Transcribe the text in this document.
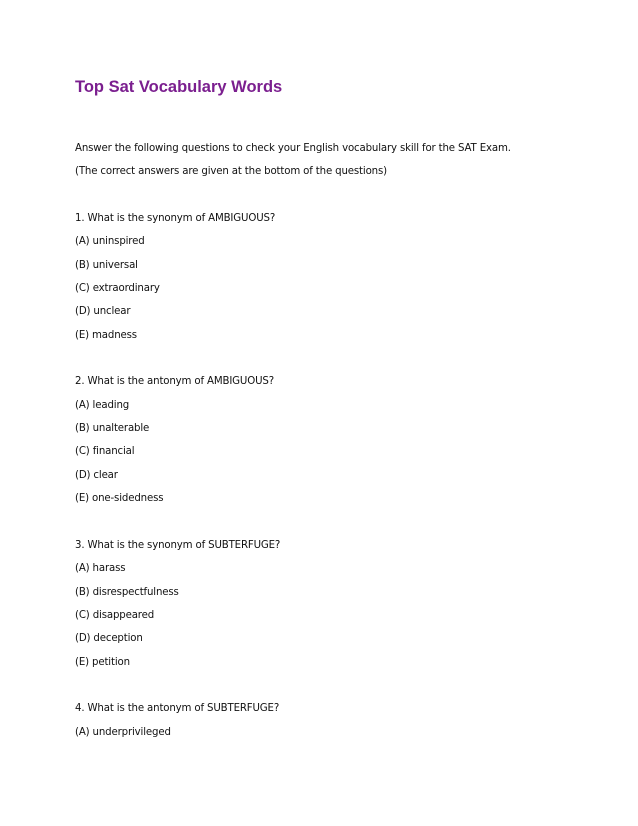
Top Sat Vocabulary Words
Answer the following questions to check your English vocabulary skill for the SAT Exam.
(The correct answers are given at the bottom of the questions)
1. What is the synonym of AMBIGUOUS?
(A) uninspired
(B) universal
(C) extraordinary
(D) unclear
(E) madness
2. What is the antonym of AMBIGUOUS?
(A) leading
(B) unalterable
(C) financial
(D) clear
(E) one-sidedness
3. What is the synonym of SUBTERFUGE?
(A) harass
(B) disrespectfulness
(C) disappeared
(D) deception
(E) petition
4. What is the antonym of SUBTERFUGE?
(A) underprivileged
